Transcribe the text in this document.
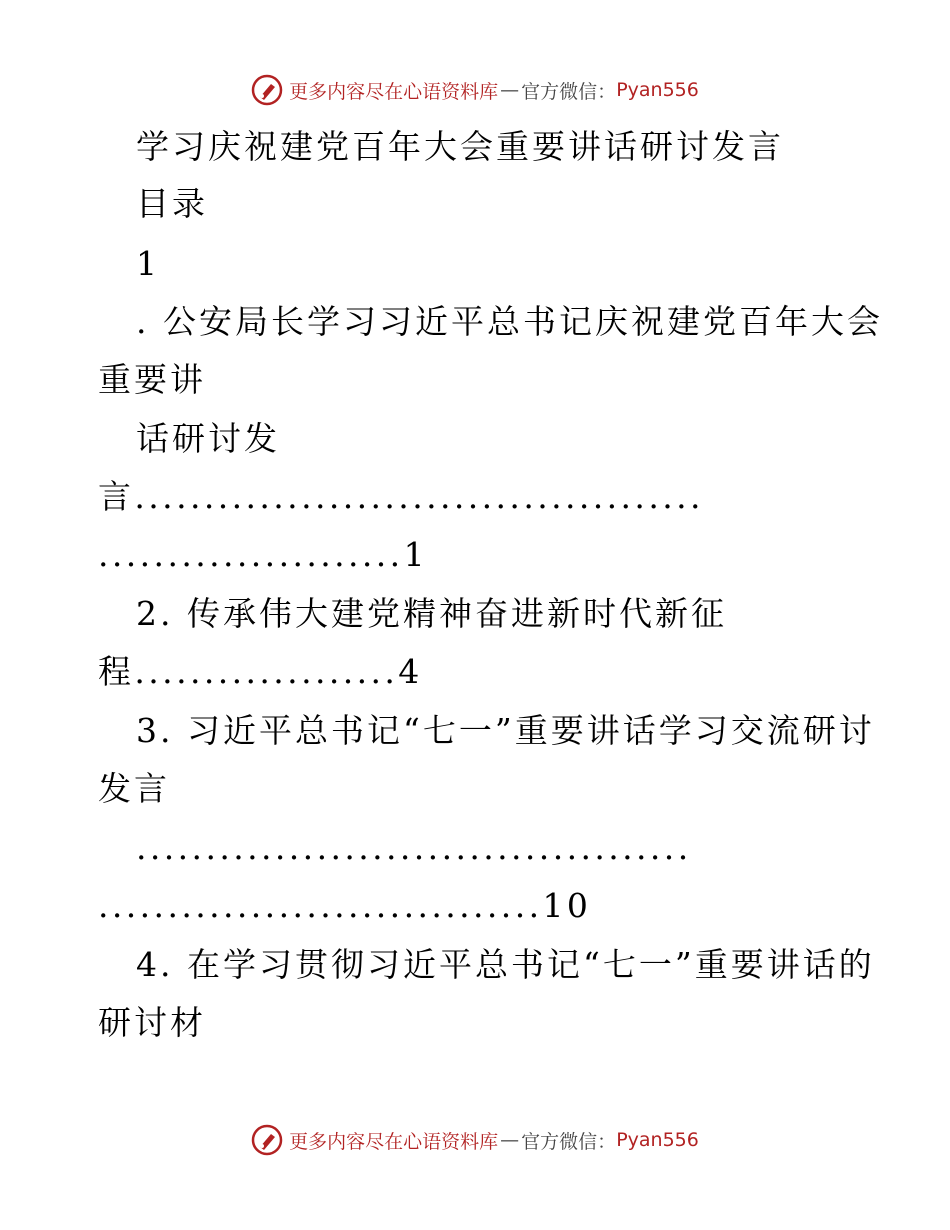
更多内容尽在心语资料库 — 官方微信： Pyan556
学习庆祝建党百年大会重要讲话研讨发言
目录
1
. 公安局长学习习近平总书记庆祝建党百年大会
重要讲
话研讨发
言.........................................
......................1
2. 传承伟大建党精神奋进新时代新征
程...................4
3. 习近平总书记“七一”重要讲话学习交流研讨
发言
........................................
................................10
4. 在学习贯彻习近平总书记“七一”重要讲话的
研讨材
更多内容尽在心语资料库 — 官方微信： Pyan556
